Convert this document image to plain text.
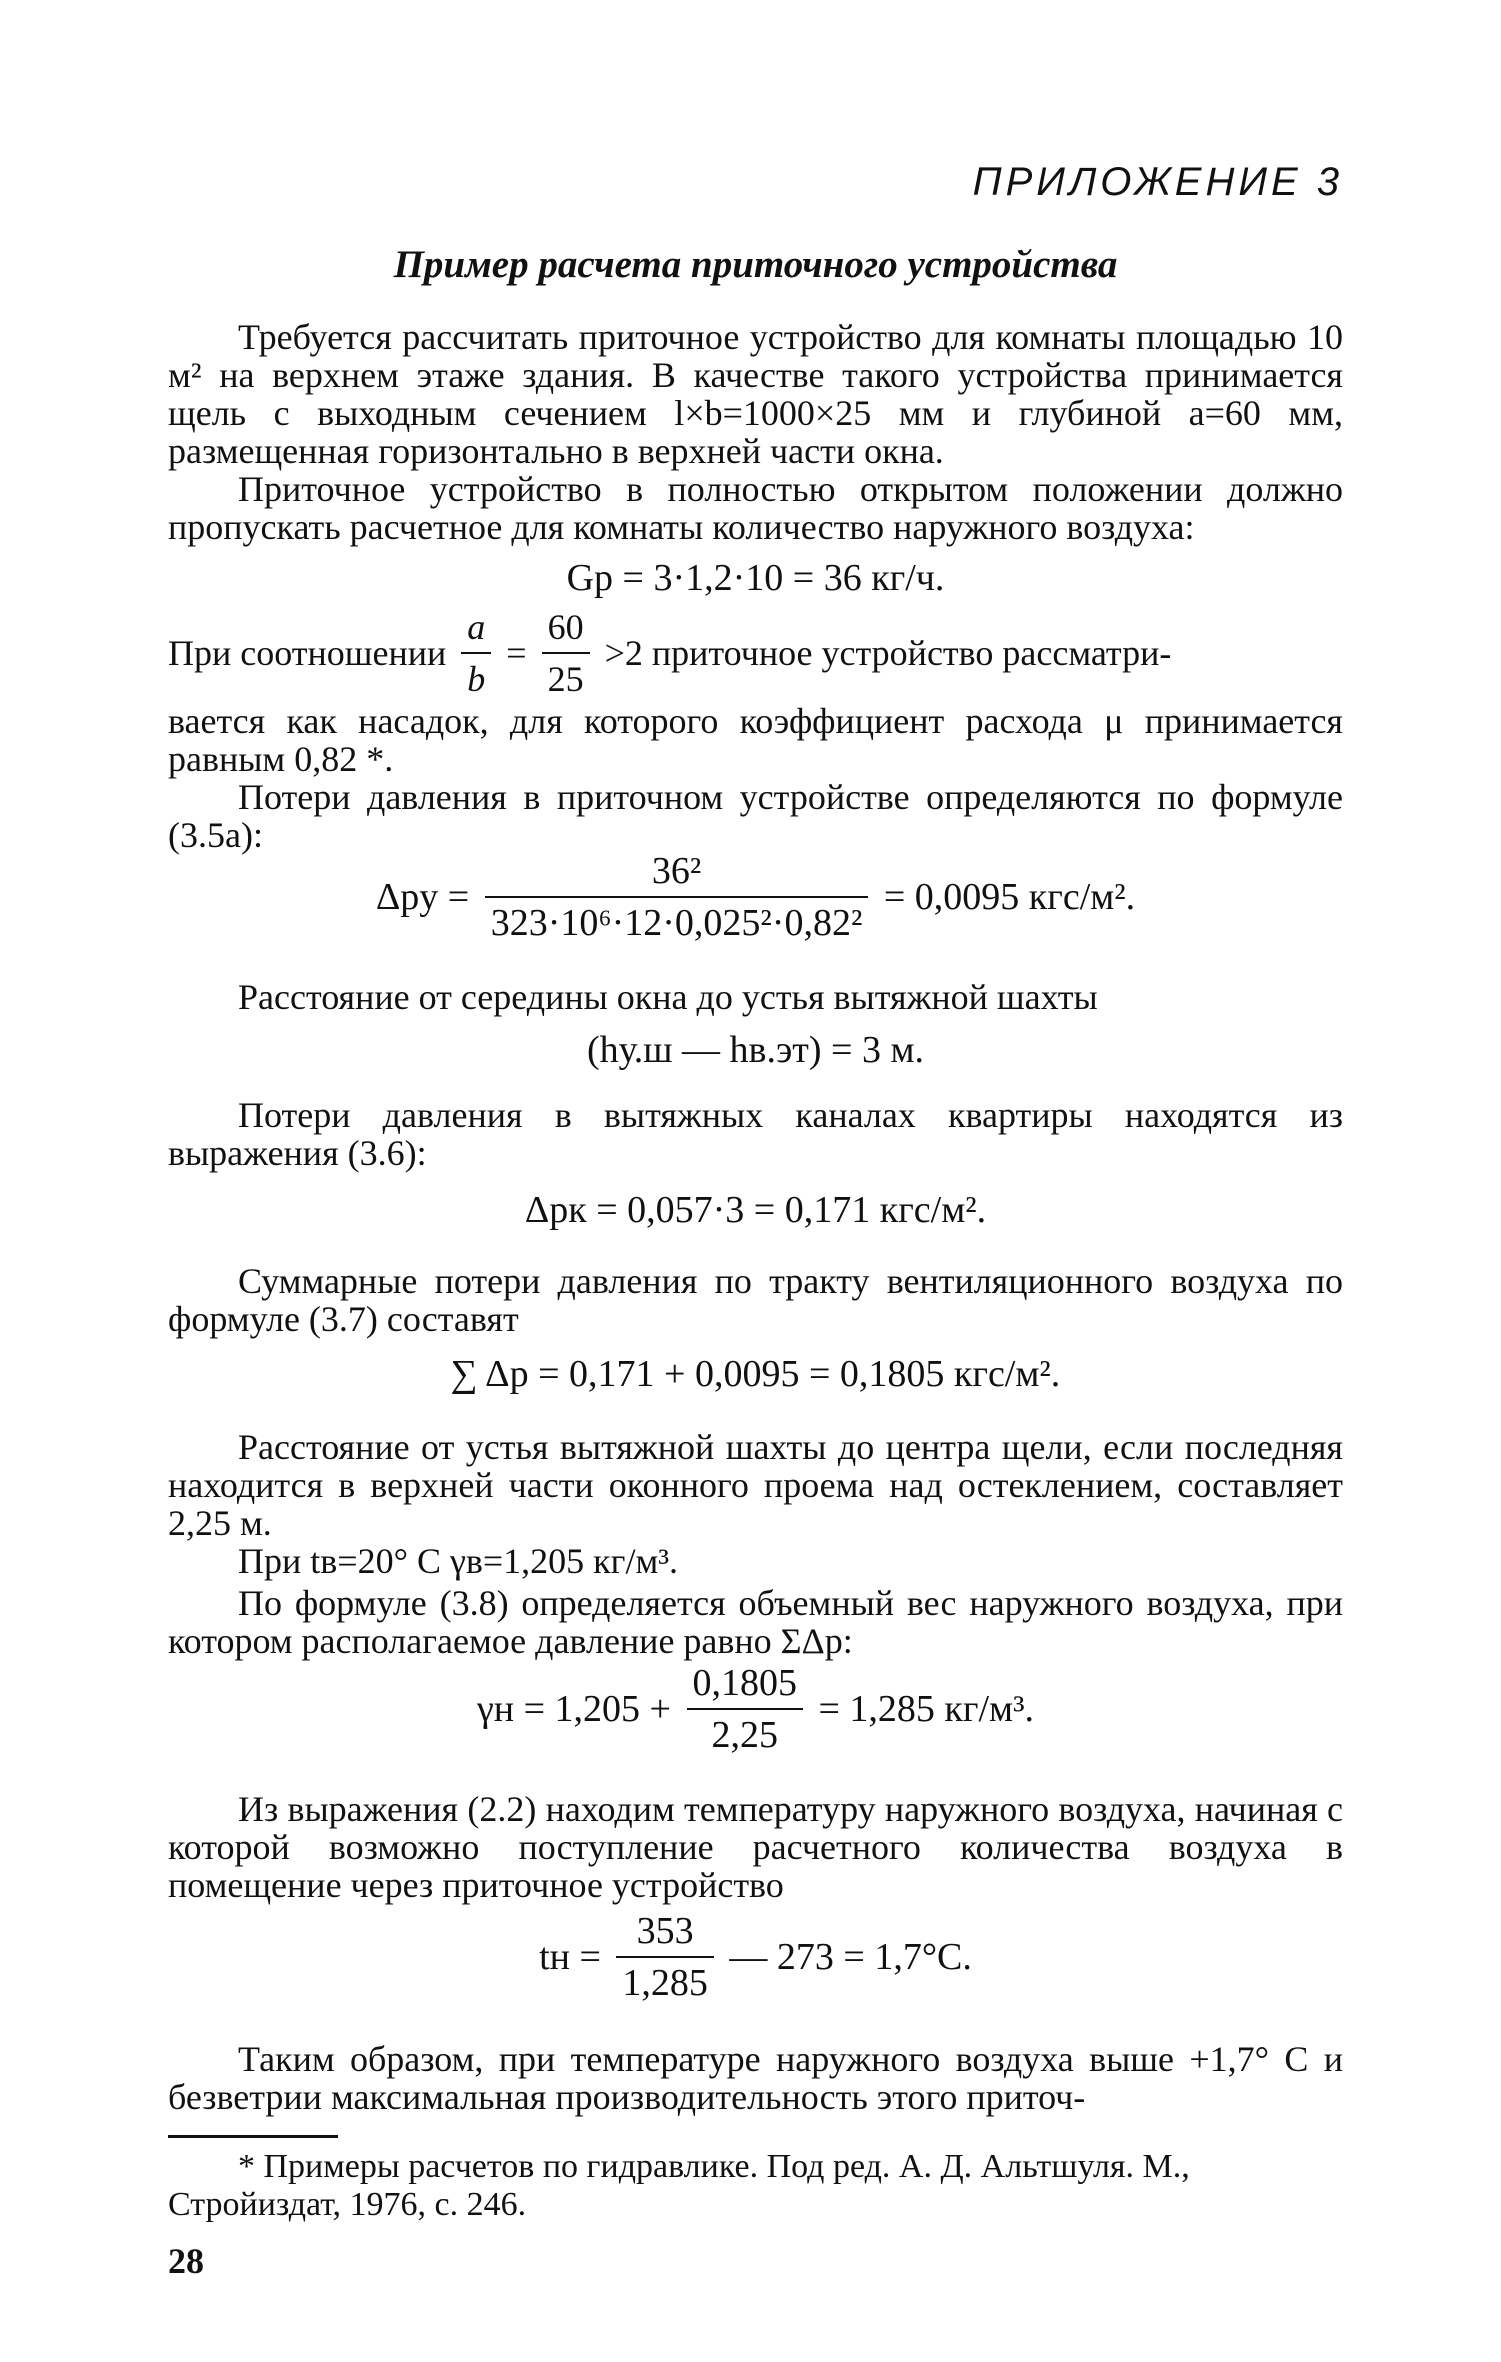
ПРИЛОЖЕНИЕ 3
Пример расчета приточного устройства

Требуется рассчитать приточное устройство для комнаты площадью 10 м² на верхнем этаже здания. В качестве такого устройства принимается щель с выходным сечением l×b=1000×25 мм и глубиной a=60 мм, размещенная горизонтально в верхней части окна.

Приточное устройство в полностью открытом положении должно пропускать расчетное для комнаты количество наружного воздуха:

Gр = 3·1,2·10 = 36 кг/ч.
При соотношении $\frac{a}{b} = \frac{60}{25} >2$ приточное устройство рассматри-

вается как насадок, для которого коэффициент расхода μ принимается равным 0,82 *.

Потери давления в приточном устройстве определяются по формуле (3.5а):

$\Delta pу = \frac{\text{36²}}{\text{323·10⁶·12·0,025²·0,82²}} = 0,0095$ кгс/м².

Расстояние от середины окна до устья вытяжной шахты

(hу.ш — hв.эт) = 3 м.

Потери давления в вытяжных каналах квартиры находятся из выражения (3.6):

Δpк = 0,057·3 = 0,171 кгс/м².

Суммарные потери давления по тракту вентиляционного воздуха по формуле (3.7) составят

∑ Δp = 0,171 + 0,0095 = 0,1805 кгс/м².

Расстояние от устья вытяжной шахты до центра щели, если последняя находится в верхней части оконного проема над остеклением, составляет 2,25 м.

При tв=20° С γв=1,205 кг/м³.

По формуле (3.8) определяется объемный вес наружного воздуха, при котором располагаемое давление равно ΣΔp:

$\gamma н = 1,205 + \frac{0,1805}{2,25} = 1,285$ кг/м³.

Из выражения (2.2) находим температуру наружного воздуха, начиная с которой возможно поступление расчетного количества воздуха в помещение через приточное устройство

tн = $\frac{353}{1,285}$ — 273 = 1,7°С.

Таким образом, при температуре наружного воздуха выше +1,7° С и безветрии максимальная производительность этого приточ-

* Примеры расчетов по гидравлике. Под ред. А. Д. Альтшуля. М., Стройиздат, 1976, с. 246.

28
